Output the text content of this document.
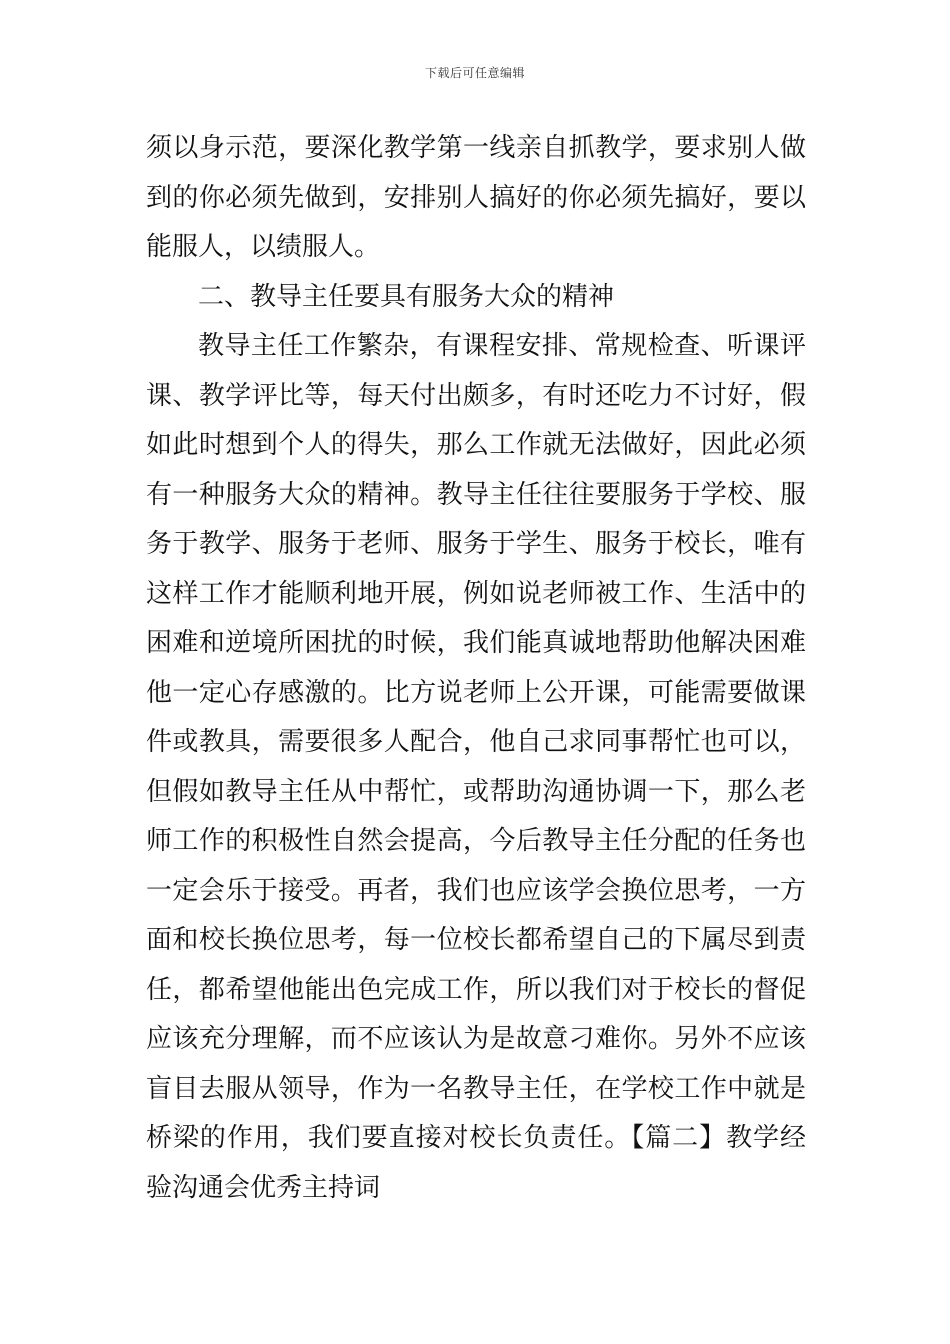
下载后可任意编辑
须以身示范，要深化教学第一线亲自抓教学，要求别人做
到的你必须先做到，安排别人搞好的你必须先搞好，要以
能服人，以绩服人。
二、教导主任要具有服务大众的精神
教导主任工作繁杂，有课程安排、常规检查、听课评
课、教学评比等，每天付出颇多，有时还吃力不讨好，假
如此时想到个人的得失，那么工作就无法做好，因此必须
有一种服务大众的精神。教导主任往往要服务于学校、服
务于教学、服务于老师、服务于学生、服务于校长，唯有
这样工作才能顺利地开展，例如说老师被工作、生活中的
困难和逆境所困扰的时候，我们能真诚地帮助他解决困难
他一定心存感激的。比方说老师上公开课，可能需要做课
件或教具，需要很多人配合，他自己求同事帮忙也可以，
但假如教导主任从中帮忙，或帮助沟通协调一下，那么老
师工作的积极性自然会提高，今后教导主任分配的任务也
一定会乐于接受。再者，我们也应该学会换位思考，一方
面和校长换位思考，每一位校长都希望自己的下属尽到责
任，都希望他能出色完成工作，所以我们对于校长的督促
应该充分理解，而不应该认为是故意刁难你。另外不应该
盲目去服从领导，作为一名教导主任，在学校工作中就是
桥梁的作用，我们要直接对校长负责任。【篇二】教学经
验沟通会优秀主持词
